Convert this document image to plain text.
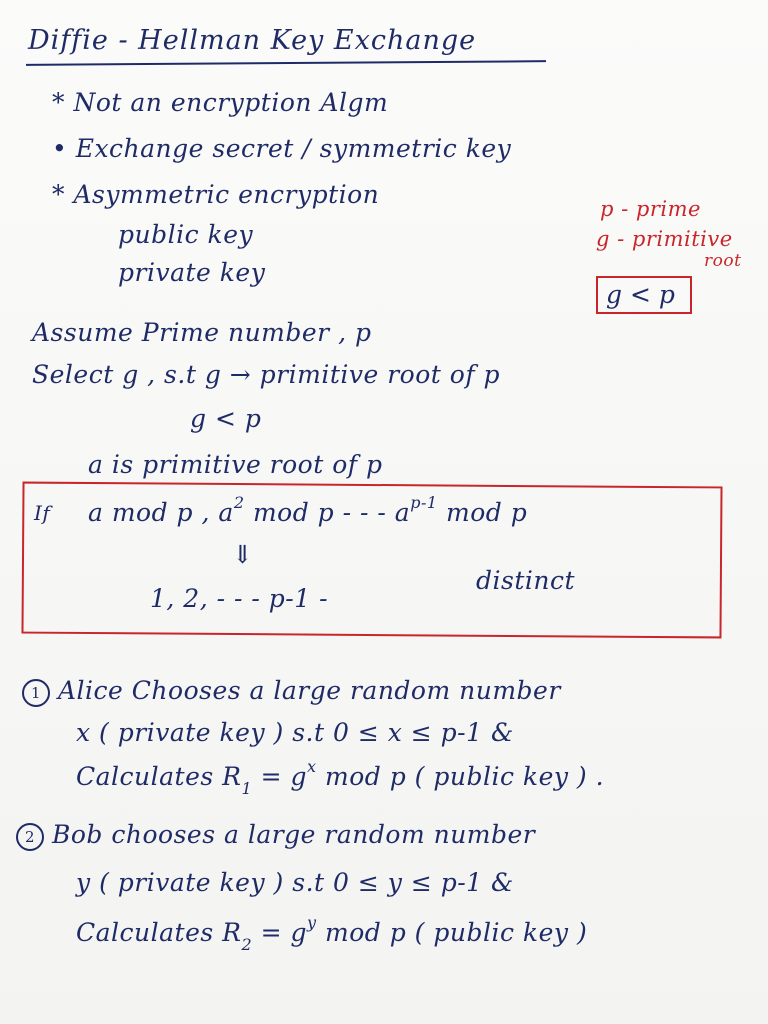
Diffie - Hellman Key Exchange
* Not an encryption Algm
• Exchange secret / symmetric key
* Asymmetric encryption
public key
private key
p - prime
g - primitive
root
g < p
Assume Prime number , p
Select g , s.t g → primitive root of p
g < p
a is primitive root of p
If a mod p , $a^2$ mod p - - - $a^{p-1}$ mod p
⇓
1, 2, - - - p-1 -
distinct
1 Alice Chooses a large random number
x ( private key ) s.t 0 ≤ x ≤ p-1 &
Calculates $R_1 = g^x$ mod p ( public key ) .
2 Bob chooses a large random number
y ( private key ) s.t 0 ≤ y ≤ p-1 &
Calculates $R_2 = g^y$ mod p ( public key )
